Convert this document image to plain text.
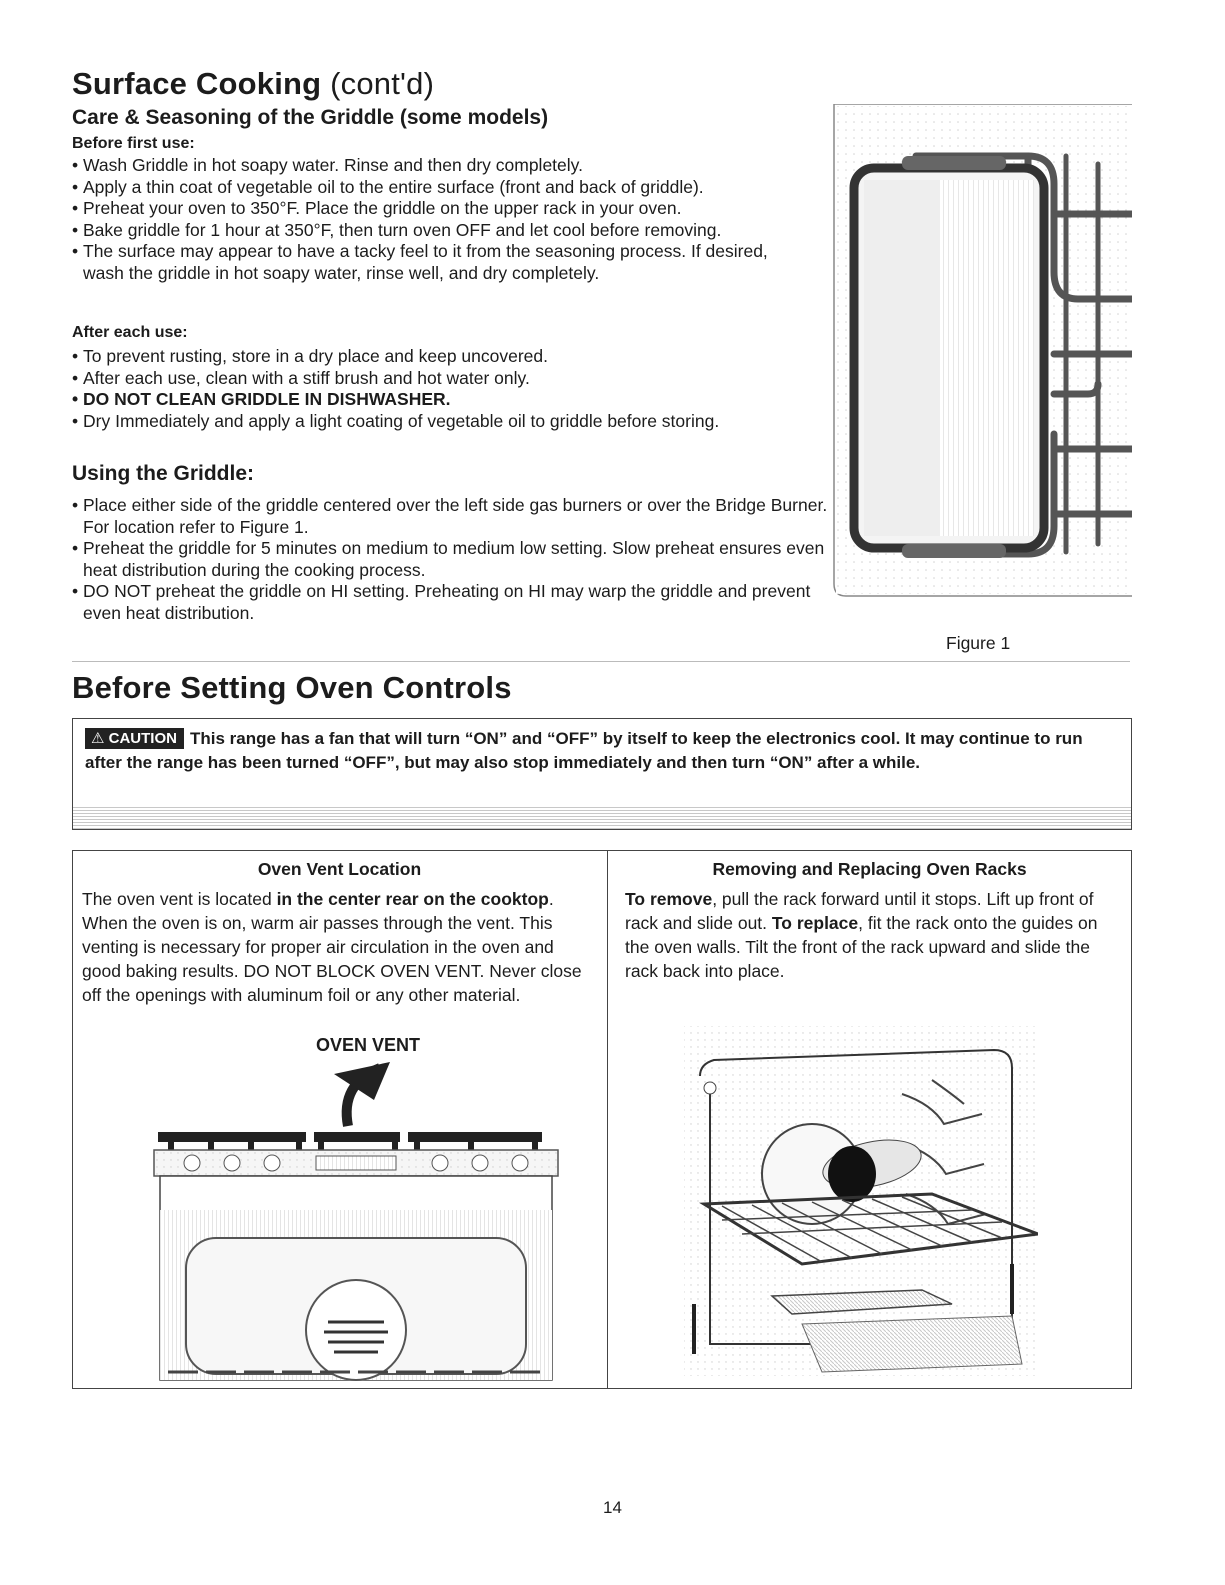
Surface Cooking (cont'd)
Care & Seasoning of the Griddle (some models)
Before first use:
• Wash Griddle in hot soapy water. Rinse and then dry completely.
• Apply a thin coat of vegetable oil to the entire surface (front and back of griddle).
• Preheat your oven to 350°F. Place the griddle on the upper rack in your oven.
• Bake griddle for 1 hour at 350°F, then turn oven OFF and let cool before removing.
• The surface may appear to have a tacky feel to it from the seasoning process. If desired, wash the griddle in hot soapy water, rinse well, and dry completely.
After each use:
• To prevent rusting, store in a dry place and keep uncovered.
• After each use, clean with a stiff brush and hot water only.
• DO NOT CLEAN GRIDDLE IN DISHWASHER.
• Dry Immediately and apply a light coating of vegetable oil to griddle before storing.
Using the Griddle:
• Place either side of the griddle centered over the left side gas burners or over the Bridge Burner. For location refer to Figure 1.
• Preheat the griddle for 5 minutes on medium to medium low setting. Slow preheat ensures even heat distribution during the cooking process.
• DO NOT preheat the griddle on HI setting. Preheating on HI may warp the griddle and prevent even heat distribution.
Figure 1
Before Setting Oven Controls
⚠ CAUTION This range has a fan that will turn “ON” and “OFF” by itself to keep the electronics cool. It may continue to run after the range has been turned “OFF”, but may also stop immediately and then turn “ON” after a while.
Oven Vent Location
The oven vent is located in the center rear on the cooktop. When the oven is on, warm air passes through the vent. This venting is necessary for proper air circulation in the oven and good baking results. DO NOT BLOCK OVEN VENT. Never close off the openings with aluminum foil or any other material.
OVEN VENT
Removing and Replacing Oven Racks
To remove, pull the rack forward until it stops. Lift up front of rack and slide out. To replace, fit the rack onto the guides on the oven walls. Tilt the front of the rack upward and slide the rack back into place.
14
